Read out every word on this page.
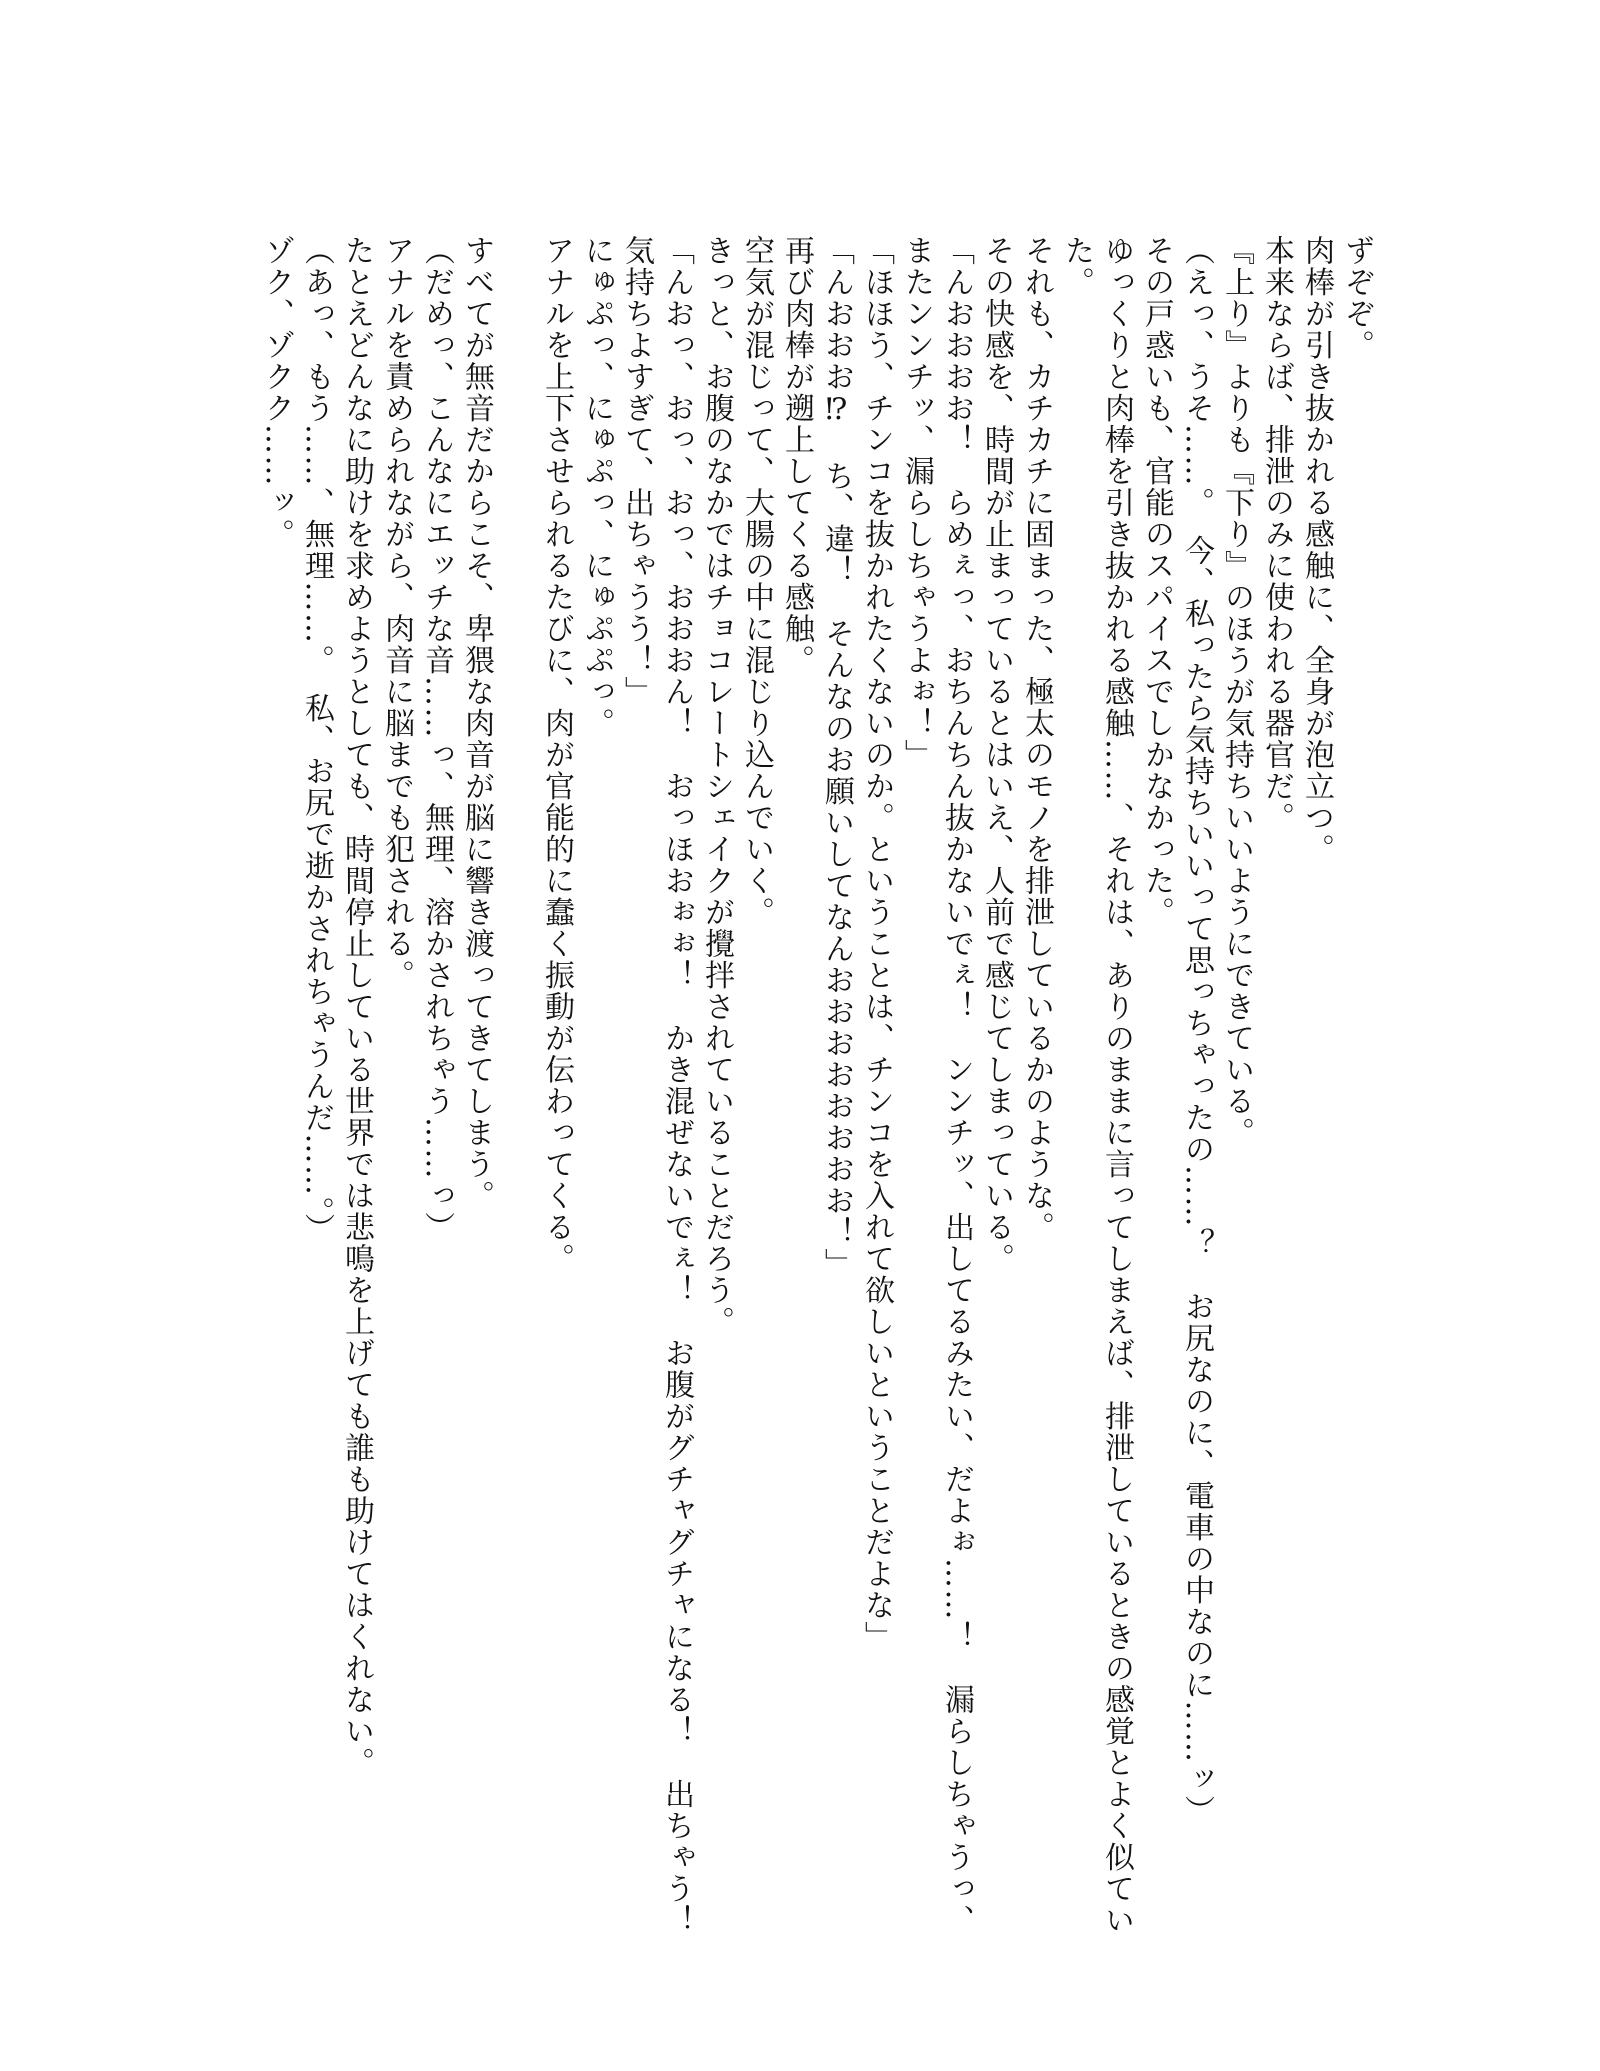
ずぞぞ。

肉棒が引き抜かれる感触に、全身が泡立つ。

本来ならば、排泄のみに使われる器官だ。

『上り』よりも『下り』のほうが気持ちいいようにできている。

（えっ、うそ……。　今、私ったら気持ちいいって思っちゃったの……？　お尻なのに、電車の中なのに……ッ）

その戸惑いも、官能のスパイスでしかなかった。

ゆっくりと肉棒を引き抜かれる感触……、それは、ありのままに言ってしまえば、排泄しているときの感覚とよく似ていた。

それも、カチカチに固まった、極太のモノを排泄しているかのような。

その快感を、時間が止まっているとはいえ、人前で感じてしまっている。

「んおおおお！　らめぇっ、おちんちん抜かないでぇ！　ンンチッ、出してるみたい、だよぉ……！　漏らしちゃうっ、またンンチッ、漏らしちゃうよぉ！」

「ほほう、チンコを抜かれたくないのか。ということは、チンコを入れて欲しいということだよな」

「んおおお⁉　ち、違！　そんなのお願いしてなんおおおおおおおお！」

再び肉棒が遡上してくる感触。

空気が混じって、大腸の中に混じり込んでいく。

きっと、お腹のなかではチョコレートシェイクが攪拌されていることだろう。

「んおっ、おっ、おっ、おおおん！　おっほおぉぉ！　かき混ぜないでぇ！　お腹がグチャグチャになる！　出ちゃう！　気持ちよすぎて、出ちゃうう！」

にゅぷっ、にゅぷっ、にゅぷぷっ。

アナルを上下させられるたびに、肉が官能的に蠢く振動が伝わってくる。

すべてが無音だからこそ、卑猥な肉音が脳に響き渡ってきてしまう。

（だめっ、こんなにエッチな音……っ、無理、溶かされちゃう……っ）

アナルを責められながら、肉音に脳までも犯される。

たとえどんなに助けを求めようとしても、時間停止している世界では悲鳴を上げても誰も助けてはくれない。

（あっ、もう……、無理……。　私、お尻で逝かされちゃうんだ……。）

ゾク、ゾクク……ッ。
